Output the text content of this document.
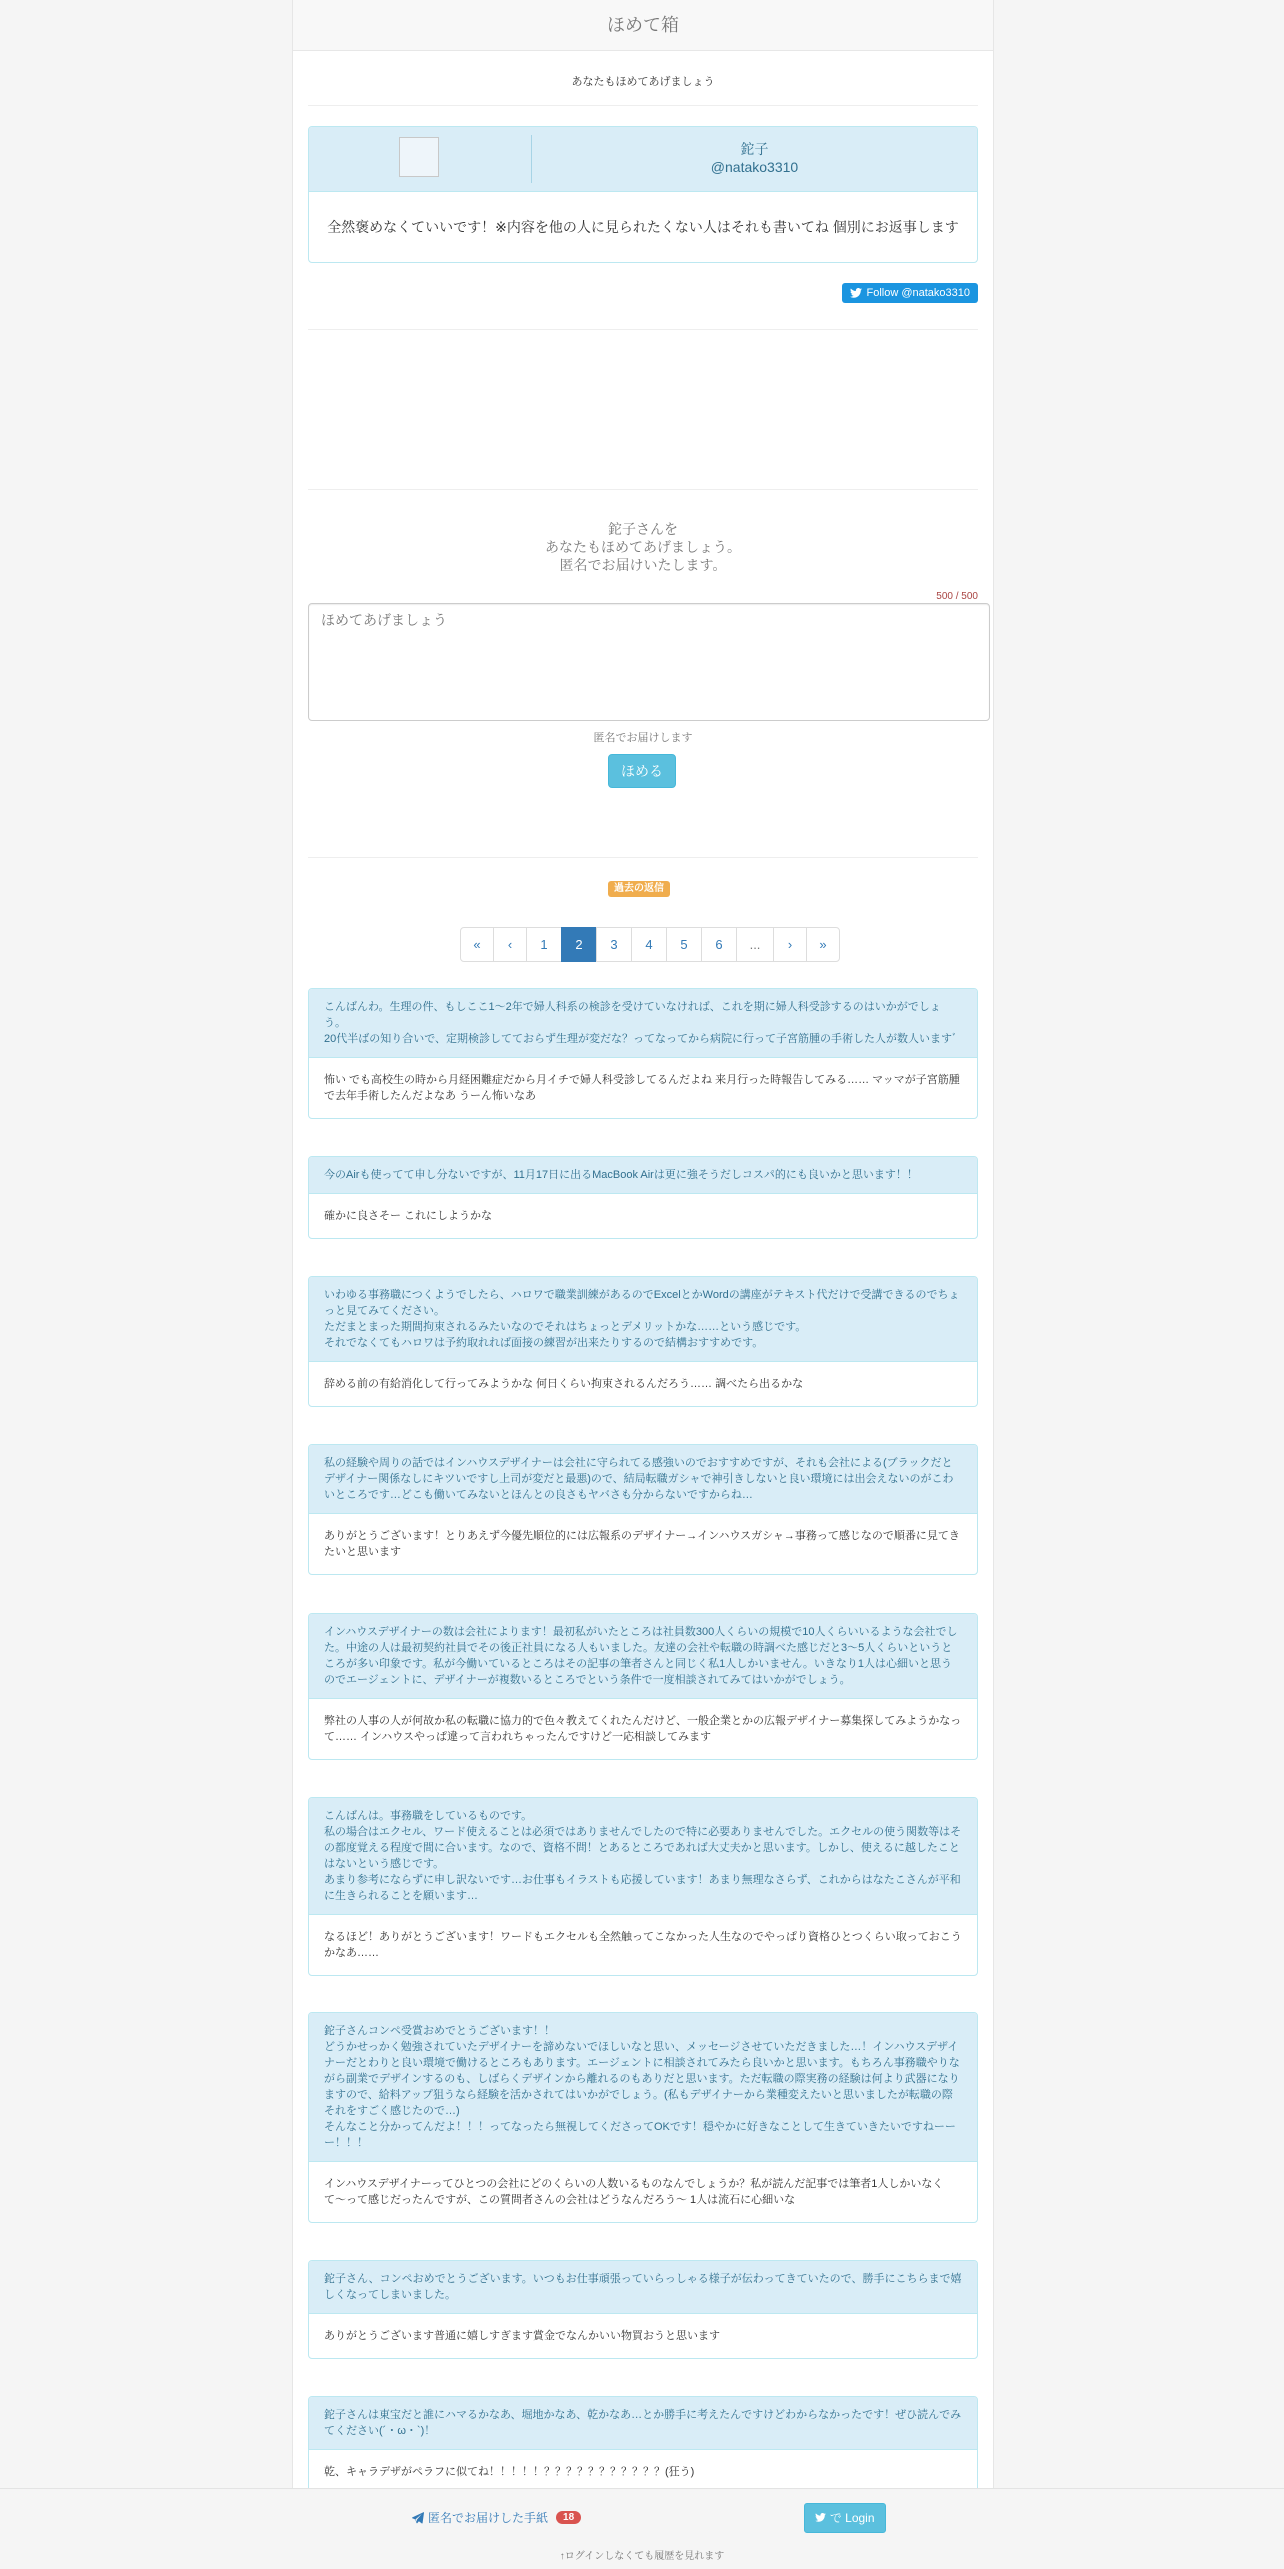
ほめて箱
あなたもほめてあげましょう
鉈子
@natako3310
全然褒めなくていいです！※内容を他の人に見られたくない人はそれも書いてね 個別にお返事します
Follow @natako3310
鉈子さんを
あなたもほめてあげましょう。
匿名でお届けいたします。
500 / 500
ほめてあげましょう
匿名でお届けします
ほめる
過去の返信
«	‹	1	2	3	4	5	6	...	›	»
こんばんわ。生理の件、もしここ1〜2年で婦人科系の検診を受けていなければ、これを期に婦人科受診するのはいかがでしょう。
20代半ばの知り合いで、定期検診してておらず生理が変だな？ってなってから病院に行って子宮筋腫の手術した人が数人いますﾞ
怖い でも高校生の時から月経困難症だから月イチで婦人科受診してるんだよね 来月行った時報告してみる…… マッマが子宮筋腫で去年手術したんだよなあ うーん怖いなあ
今のAirも使ってて申し分ないですが、11月17日に出るMacBook Airは更に強そうだしコスパ的にも良いかと思います！！
確かに良さそー これにしようかな
いわゆる事務職につくようでしたら、ハロワで職業訓練があるのでExcelとかWordの講座がテキスト代だけで受講できるのでちょっと見てみてください。
ただまとまった期間拘束されるみたいなのでそれはちょっとデメリットかな……という感じです。
それでなくてもハロワは予約取れれば面接の練習が出来たりするので結構おすすめです。
辞める前の有給消化して行ってみようかな 何日くらい拘束されるんだろう…… 調べたら出るかな
私の経験や周りの話ではインハウスデザイナーは会社に守られてる感強いのでおすすめですが、それも会社による(ブラックだとデザイナー関係なしにキツいですし上司が変だと最悪)ので、結局転職ガシャで神引きしないと良い環境には出会えないのがこわいところです…どこも働いてみないとほんとの良さもヤバさも分からないですからね…
ありがとうございます！とりあえず今優先順位的には広報系のデザイナー→インハウスガシャ→事務って感じなので順番に見てきたいと思います
インハウスデザイナーの数は会社によります！最初私がいたところは社員数300人くらいの規模で10人くらいいるような会社でした。中途の人は最初契約社員でその後正社員になる人もいました。友達の会社や転職の時調べた感じだと3〜5人くらいというところが多い印象です。私が今働いているところはその記事の筆者さんと同じく私1人しかいません。いきなり1人は心細いと思うのでエージェントに、デザイナーが複数いるところでという条件で一度相談されてみてはいかがでしょう。
弊社の人事の人が何故か私の転職に協力的で色々教えてくれたんだけど、一般企業とかの広報デザイナー募集探してみようかなって…… インハウスやっぱ違って言われちゃったんですけど一応相談してみます
こんばんは。事務職をしているものです。
私の場合はエクセル、ワード使えることは必須ではありませんでしたので特に必要ありませんでした。エクセルの使う関数等はその都度覚える程度で間に合います。なので、資格不問！とあるところであれば大丈夫かと思います。しかし、使えるに越したことはないという感じです。
あまり参考にならずに申し訳ないです…お仕事もイラストも応援しています！あまり無理なさらず、これからはなたこさんが平和に生きられることを願います…
なるほど！ありがとうございます！ワードもエクセルも全然触ってこなかった人生なのでやっぱり資格ひとつくらい取っておこうかなあ……
鉈子さんコンペ受賞おめでとうございます！！
どうかせっかく勉強されていたデザイナーを諦めないでほしいなと思い、メッセージさせていただきました…！インハウスデザイナーだとわりと良い環境で働けるところもあります。エージェントに相談されてみたら良いかと思います。もちろん事務職やりながら副業でデザインするのも、しばらくデザインから離れるのもありだと思います。ただ転職の際実務の経験は何より武器になりますので、給料アップ狙うなら経験を活かされてはいかがでしょう。(私もデザイナーから業種変えたいと思いましたが転職の際それをすごく感じたので…)
そんなこと分かってんだよ！！！ってなったら無視してくださってOKです！穏やかに好きなことして生きていきたいですねーーー！！！
インハウスデザイナーってひとつの会社にどのくらいの人数いるものなんでしょうか？私が読んだ記事では筆者1人しかいなくて〜って感じだったんですが、この質問者さんの会社はどうなんだろう〜 1人は流石に心細いな
鉈子さん、コンペおめでとうございます。いつもお仕事頑張っていらっしゃる様子が伝わってきていたので、勝手にこちらまで嬉しくなってしまいました。
ありがとうございます普通に嬉しすぎます賞金でなんかいい物買おうと思います
鉈子さんは東宝だと誰にハマるかなあ、堀地かなあ、乾かなあ…とか勝手に考えたんですけどわからなかったです！ぜひ読んでみてください(´・ω・`)！
乾、キャラデザがペラフに似てね！！！！！？？？？？？？？？？？(狂う)
匿名でお届けした手紙	18	で Login
↑ログインしなくても履歴を見れます
